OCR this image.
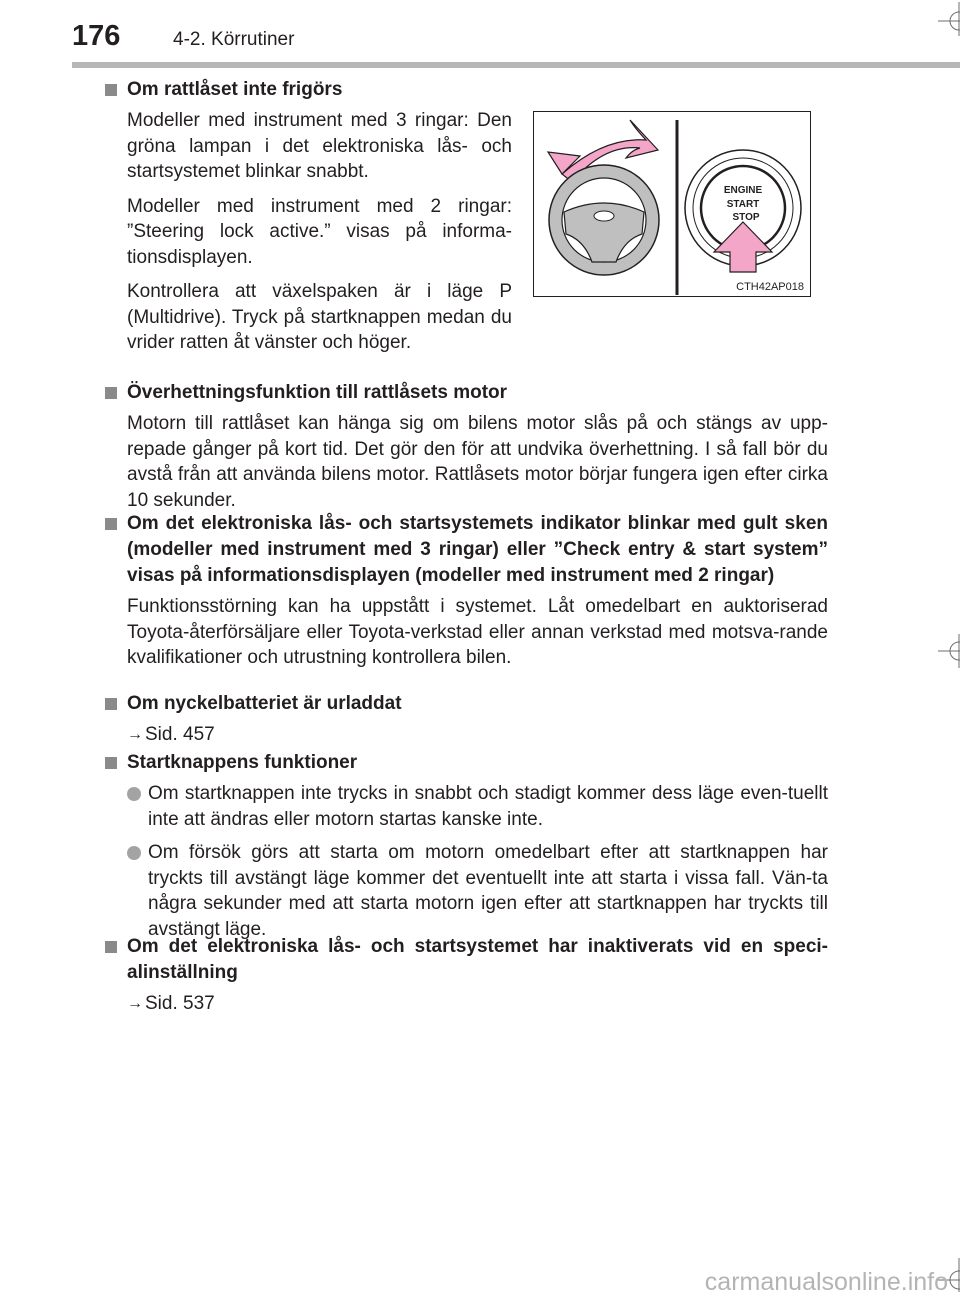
176	4-2. Körrutiner
Om rattlåset inte frigörs

Modeller med instrument med 3 ringar: Den gröna lampan i det elektroniska lås- och startsystemet blinkar snabbt.

Modeller med instrument med 2 ringar: ”Steering lock active.” visas på informa-tionsdisplayen.

Kontrollera att växelspaken är i läge P (Multidrive). Tryck på startknappen medan du vrider ratten åt vänster och höger.

ENGINE
START
STOP
CTH42AP018
Överhettningsfunktion till rattlåsets motor

Motorn till rattlåset kan hänga sig om bilens motor slås på och stängs av upp-repade gånger på kort tid. Det gör den för att undvika överhettning. I så fall bör du avstå från att använda bilens motor. Rattlåsets motor börjar fungera igen efter cirka 10 sekunder.

Om det elektroniska lås- och startsystemets indikator blinkar med gult sken (modeller med instrument med 3 ringar) eller ”Check entry & start system” visas på informationsdisplayen (modeller med instrument med 2 ringar)

Funktionsstörning kan ha uppstått i systemet. Låt omedelbart en auktoriserad Toyota-återförsäljare eller Toyota-verkstad eller annan verkstad med motsva-rande kvalifikationer och utrustning kontrollera bilen.

Om nyckelbatteriet är urladdat
→ Sid. 457
Startknappens funktioner
Om startknappen inte trycks in snabbt och stadigt kommer dess läge even-tuellt inte att ändras eller motorn startas kanske inte.
Om försök görs att starta om motorn omedelbart efter att startknappen har tryckts till avstängt läge kommer det eventuellt inte att starta i vissa fall. Vän-ta några sekunder med att starta motorn igen efter att startknappen har tryckts till avstängt läge.
Om det elektroniska lås- och startsystemet har inaktiverats vid en speci-alinställning
→ Sid. 537
carmanualsonline.info
